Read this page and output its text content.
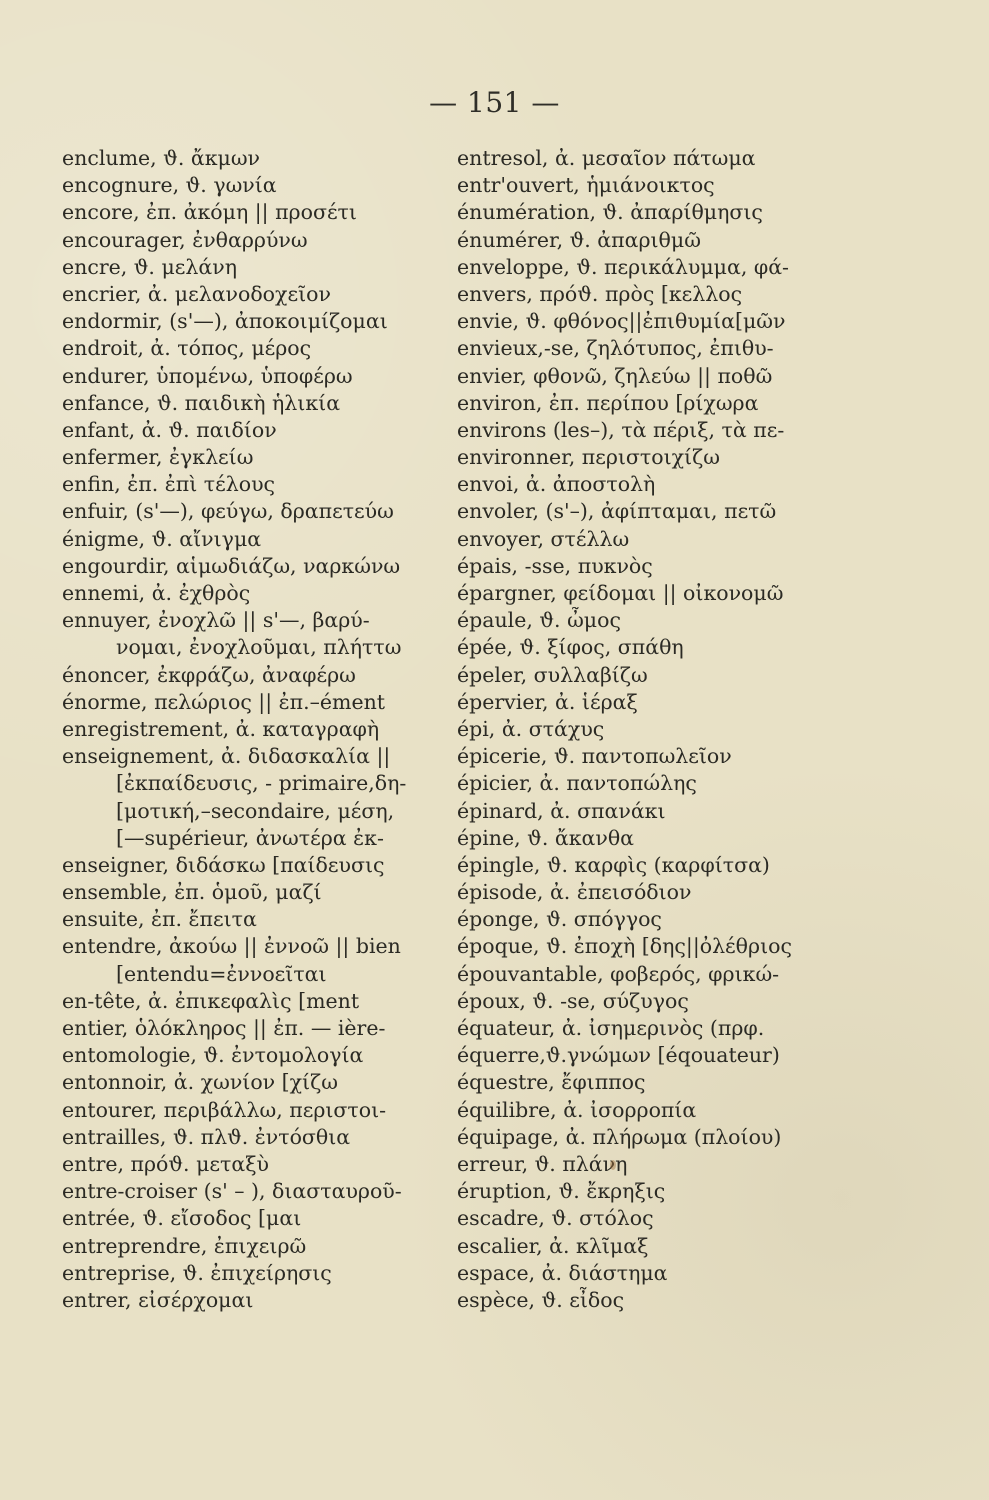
— 151 —
enclume, ϑ. ἄκμων
encognure, ϑ. γωνία
encore, ἐπ. ἀκόμη || προσέτι
encourager, ἐνθαρρύνω
encre, ϑ. μελάνη
encrier, ἀ. μελανοδοχεῖον
endormir, (s'—), ἀποκοιμίζομαι
endroit, ἀ. τόπος, μέρος
endurer, ὑπομένω, ὑποφέρω
enfance, ϑ. παιδικὴ ἡλικία
enfant, ἀ. ϑ. παιδίον
enfermer, ἐγκλείω
enfin, ἐπ. ἐπὶ τέλους
enfuir, (s'—), φεύγω, δραπετεύω
énigme, ϑ. αἴνιγμα
engourdir, αἱμωδιάζω, ναρκώνω
ennemi, ἀ. ἐχθρὸς
ennuyer, ἐνοχλῶ || s'—, βαρύ-
νομαι, ἐνοχλοῦμαι, πλήττω
énoncer, ἐκφράζω, ἀναφέρω
énorme, πελώριος || ἐπ.–ément
enregistrement, ἀ. καταγραφὴ
enseignement, ἀ. διδασκαλία ||
[ἐκπαίδευσις, - primaire,δη-
[μοτική,–secondaire, μέση,
[—supérieur, ἀνωτέρα ἐκ-
enseigner, διδάσκω [παίδευσις
ensemble, ἐπ. ὁμοῦ, μαζί
ensuite, ἐπ. ἔπειτα
entendre, ἀκούω || ἐννοῶ || bien
[entendu=ἐννοεῖται
en-tête, ἀ. ἐπικεφαλὶς [ment
entier, ὁλόκληρος || ἐπ. — ière-
entomologie, ϑ. ἐντομολογία
entonnoir, ἀ. χωνίον [χίζω
entourer, περιβάλλω, περιστοι-
entrailles, ϑ. πλϑ. ἐντόσθια
entre, πρόϑ. μεταξὺ
entre-croiser (s' – ), διασταυροῦ-
entrée, ϑ. εἴσοδος [μαι
entreprendre, ἐπιχειρῶ
entreprise, ϑ. ἐπιχείρησις
entrer, εἰσέρχομαι
entresol, ἀ. μεσαῖον πάτωμα
entr'ouvert, ἡμιάνοικτος
énumération, ϑ. ἀπαρίθμησις
énumérer, ϑ. ἀπαριθμῶ
enveloppe, ϑ. περικάλυμμα, φά-
envers, πρόϑ. πρὸς [κελλος
envie, ϑ. φθόνος||ἐπιθυμία[μῶν
envieux,-se, ζηλότυπος, ἐπιθυ-
envier, φθονῶ, ζηλεύω || ποθῶ
environ, ἐπ. περίπου [ρίχωρα
environs (les–), τὰ πέριξ, τὰ πε-
environner, περιστοιχίζω
envoi, ἀ. ἀποστολὴ
envoler, (s'–), ἀφίπταμαι, πετῶ
envoyer, στέλλω
épais, -sse, πυκνὸς
épargner, φείδομαι || οἰκονομῶ
épaule, ϑ. ὦμος
épée, ϑ. ξίφος, σπάθη
épeler, συλλαβίζω
épervier, ἀ. ἱέραξ
épi, ἀ. στάχυς
épicerie, ϑ. παντοπωλεῖον
épicier, ἀ. παντοπώλης
épinard, ἀ. σπανάκι
épine, ϑ. ἄκανθα
épingle, ϑ. καρφὶς (καρφίτσα)
épisode, ἀ. ἐπεισόδιον
éponge, ϑ. σπόγγος
époque, ϑ. ἐποχὴ [δης||ὀλέθριος
épouvantable, φοβερός, φρικώ-
époux, ϑ. -se, σύζυγος
équateur, ἀ. ἰσημερινὸς (πρφ.
équerre,ϑ.γνώμων [éqouateur)
équestre, ἔφιππος
équilibre, ἀ. ἰσορροπία
équipage, ἀ. πλήρωμα (πλοίου)
erreur, ϑ. πλάνη
éruption, ϑ. ἔκρηξις
escadre, ϑ. στόλος
escalier, ἀ. κλῖμαξ
espace, ἀ. διάστημα
espèce, ϑ. εἶδος
